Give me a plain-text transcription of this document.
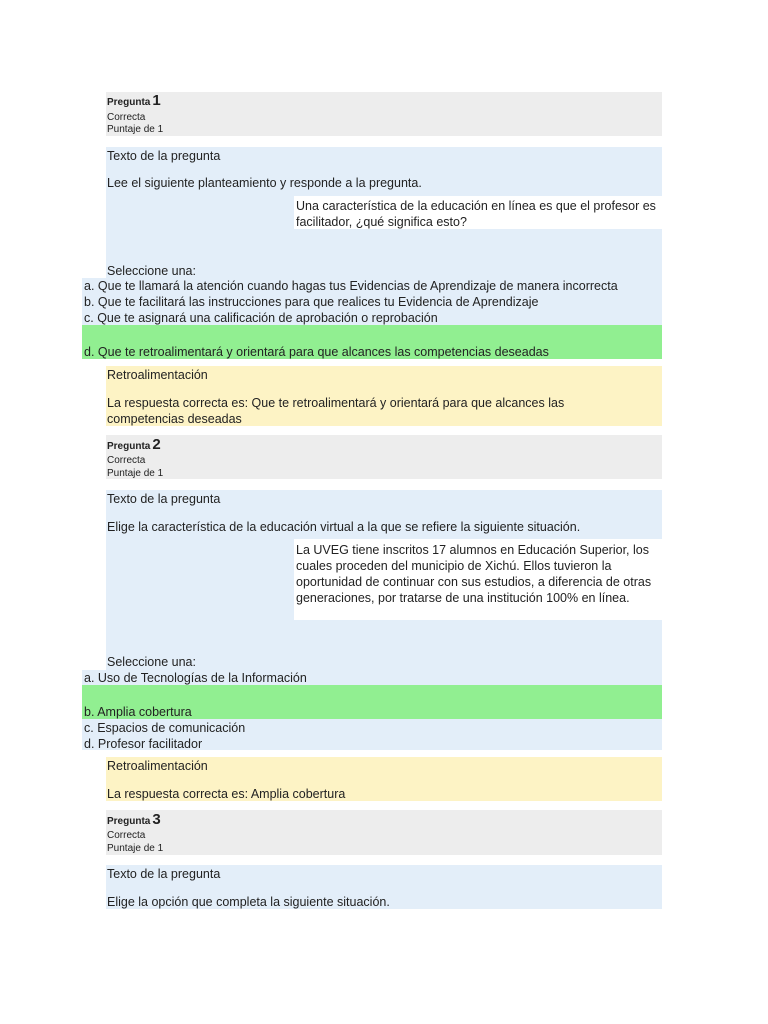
Pregunta 1
Correcta
Puntaje de 1
Texto de la pregunta
Lee el siguiente planteamiento y responde a la pregunta.
Una característica de la educación en línea es que el profesor es facilitador, ¿qué significa esto?
Seleccione una:
a. Que te llamará la atención cuando hagas tus Evidencias de Aprendizaje de manera incorrecta
b. Que te facilitará las instrucciones para que realices tu Evidencia de Aprendizaje
c. Que te asignará una calificación de aprobación o reprobación
d. Que te retroalimentará y orientará para que alcances las competencias deseadas
Retroalimentación
La respuesta correcta es: Que te retroalimentará y orientará para que alcances las competencias deseadas
Pregunta 2
Correcta
Puntaje de 1
Texto de la pregunta
Elige la característica de la educación virtual a la que se refiere la siguiente situación.
La UVEG tiene inscritos 17 alumnos en Educación Superior, los cuales proceden del municipio de Xichú. Ellos tuvieron la oportunidad de continuar con sus estudios, a diferencia de otras generaciones, por tratarse de una institución 100% en línea.
Seleccione una:
a. Uso de Tecnologías de la Información
b. Amplia cobertura
c. Espacios de comunicación
d. Profesor facilitador
Retroalimentación
La respuesta correcta es: Amplia cobertura
Pregunta 3
Correcta
Puntaje de 1
Texto de la pregunta
Elige la opción que completa la siguiente situación.
